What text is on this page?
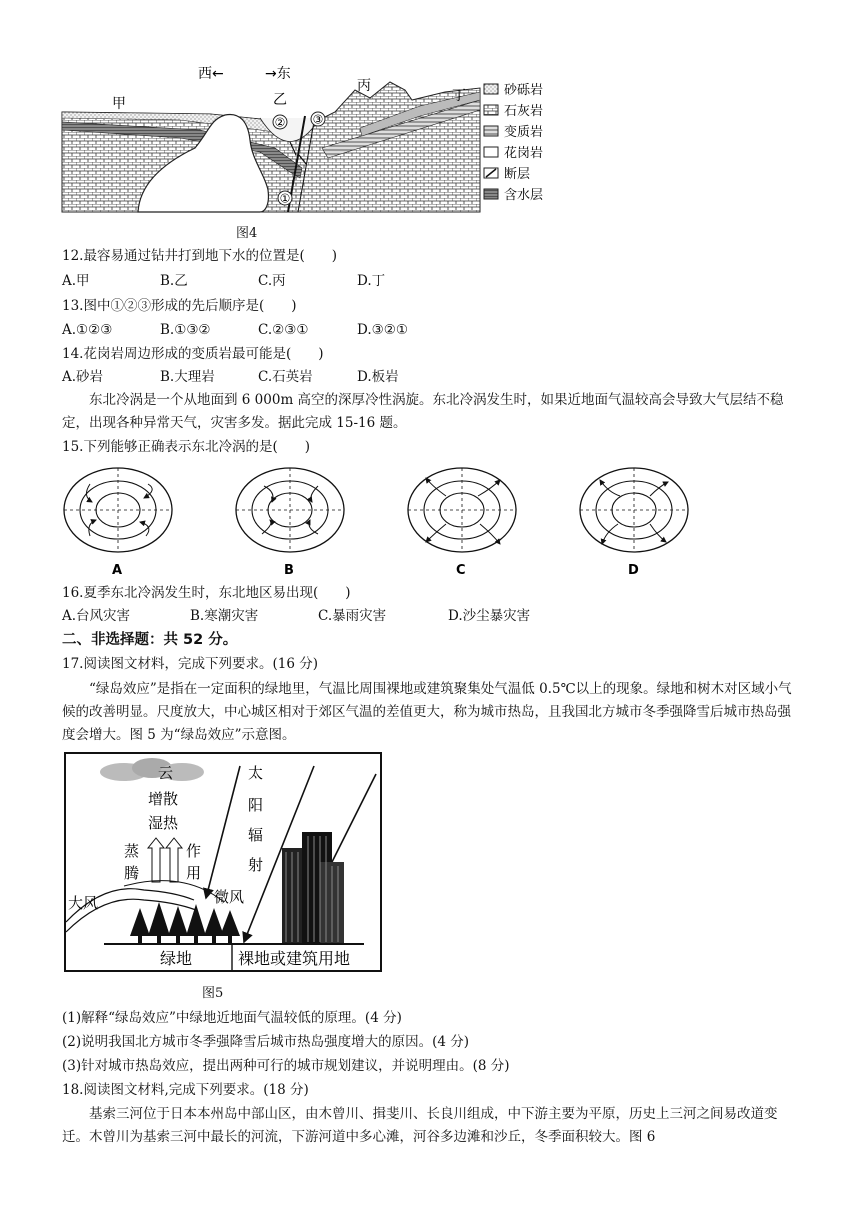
② ③
①
西←	→东
甲	乙
丙
丁	砂砾岩
石灰岩
变质岩
花岗岩
断层
含水层
图4
12.最容易通过钻井打到地下水的位置是(　　)
A.甲	B.乙	C.丙	D.丁
13.图中①②③形成的先后顺序是(　　)
A.①②③	B.①③②	C.②③①	D.③②①
14.花岗岩周边形成的变质岩最可能是(　　)
A.砂岩	B.大理岩	C.石英岩	D.板岩
东北冷涡是一个从地面到 6 000m 高空的深厚冷性涡旋。东北冷涡发生时，如果近地面气温较高会导致大气层结不稳定，出现各种异常天气，灾害多发。据此完成 15-16 题。
15.下列能够正确表示东北冷涡的是(　　)
A	B	C	D
16.夏季东北冷涡发生时，东北地区易出现(　　)
A.台风灾害	B.寒潮灾害	C.暴雨灾害	D.沙尘暴灾害
二、非选择题：共 52 分。
17.阅读图文材料，完成下列要求。(16 分)
“绿岛效应”是指在一定面积的绿地里，气温比周围裸地或建筑聚集处气温低 0.5℃以上的现象。绿地和树木对区域小气候的改善明显。尺度放大，中心城区相对于郊区气温的差值更大，称为城市热岛，且我国北方城市冬季强降雪后城市热岛强度会增大。图 5 为“绿岛效应”示意图。
云
增散
湿热
蒸
腾
作
用
太
阳
辐
射
大风	微风
绿地	裸地或建筑用地
图5
(1)解释“绿岛效应”中绿地近地面气温较低的原理。(4 分)
(2)说明我国北方城市冬季强降雪后城市热岛强度增大的原因。(4 分)
(3)针对城市热岛效应，提出两种可行的城市规划建议，并说明理由。(8 分)
18.阅读图文材料,完成下列要求。(18 分)
基索三河位于日本本州岛中部山区，由木曾川、揖斐川、长良川组成，中下游主要为平原，历史上三河之间易改道变迁。木曾川为基索三河中最长的河流，下游河道中多心滩，河谷多边滩和沙丘，冬季面积较大。图 6
